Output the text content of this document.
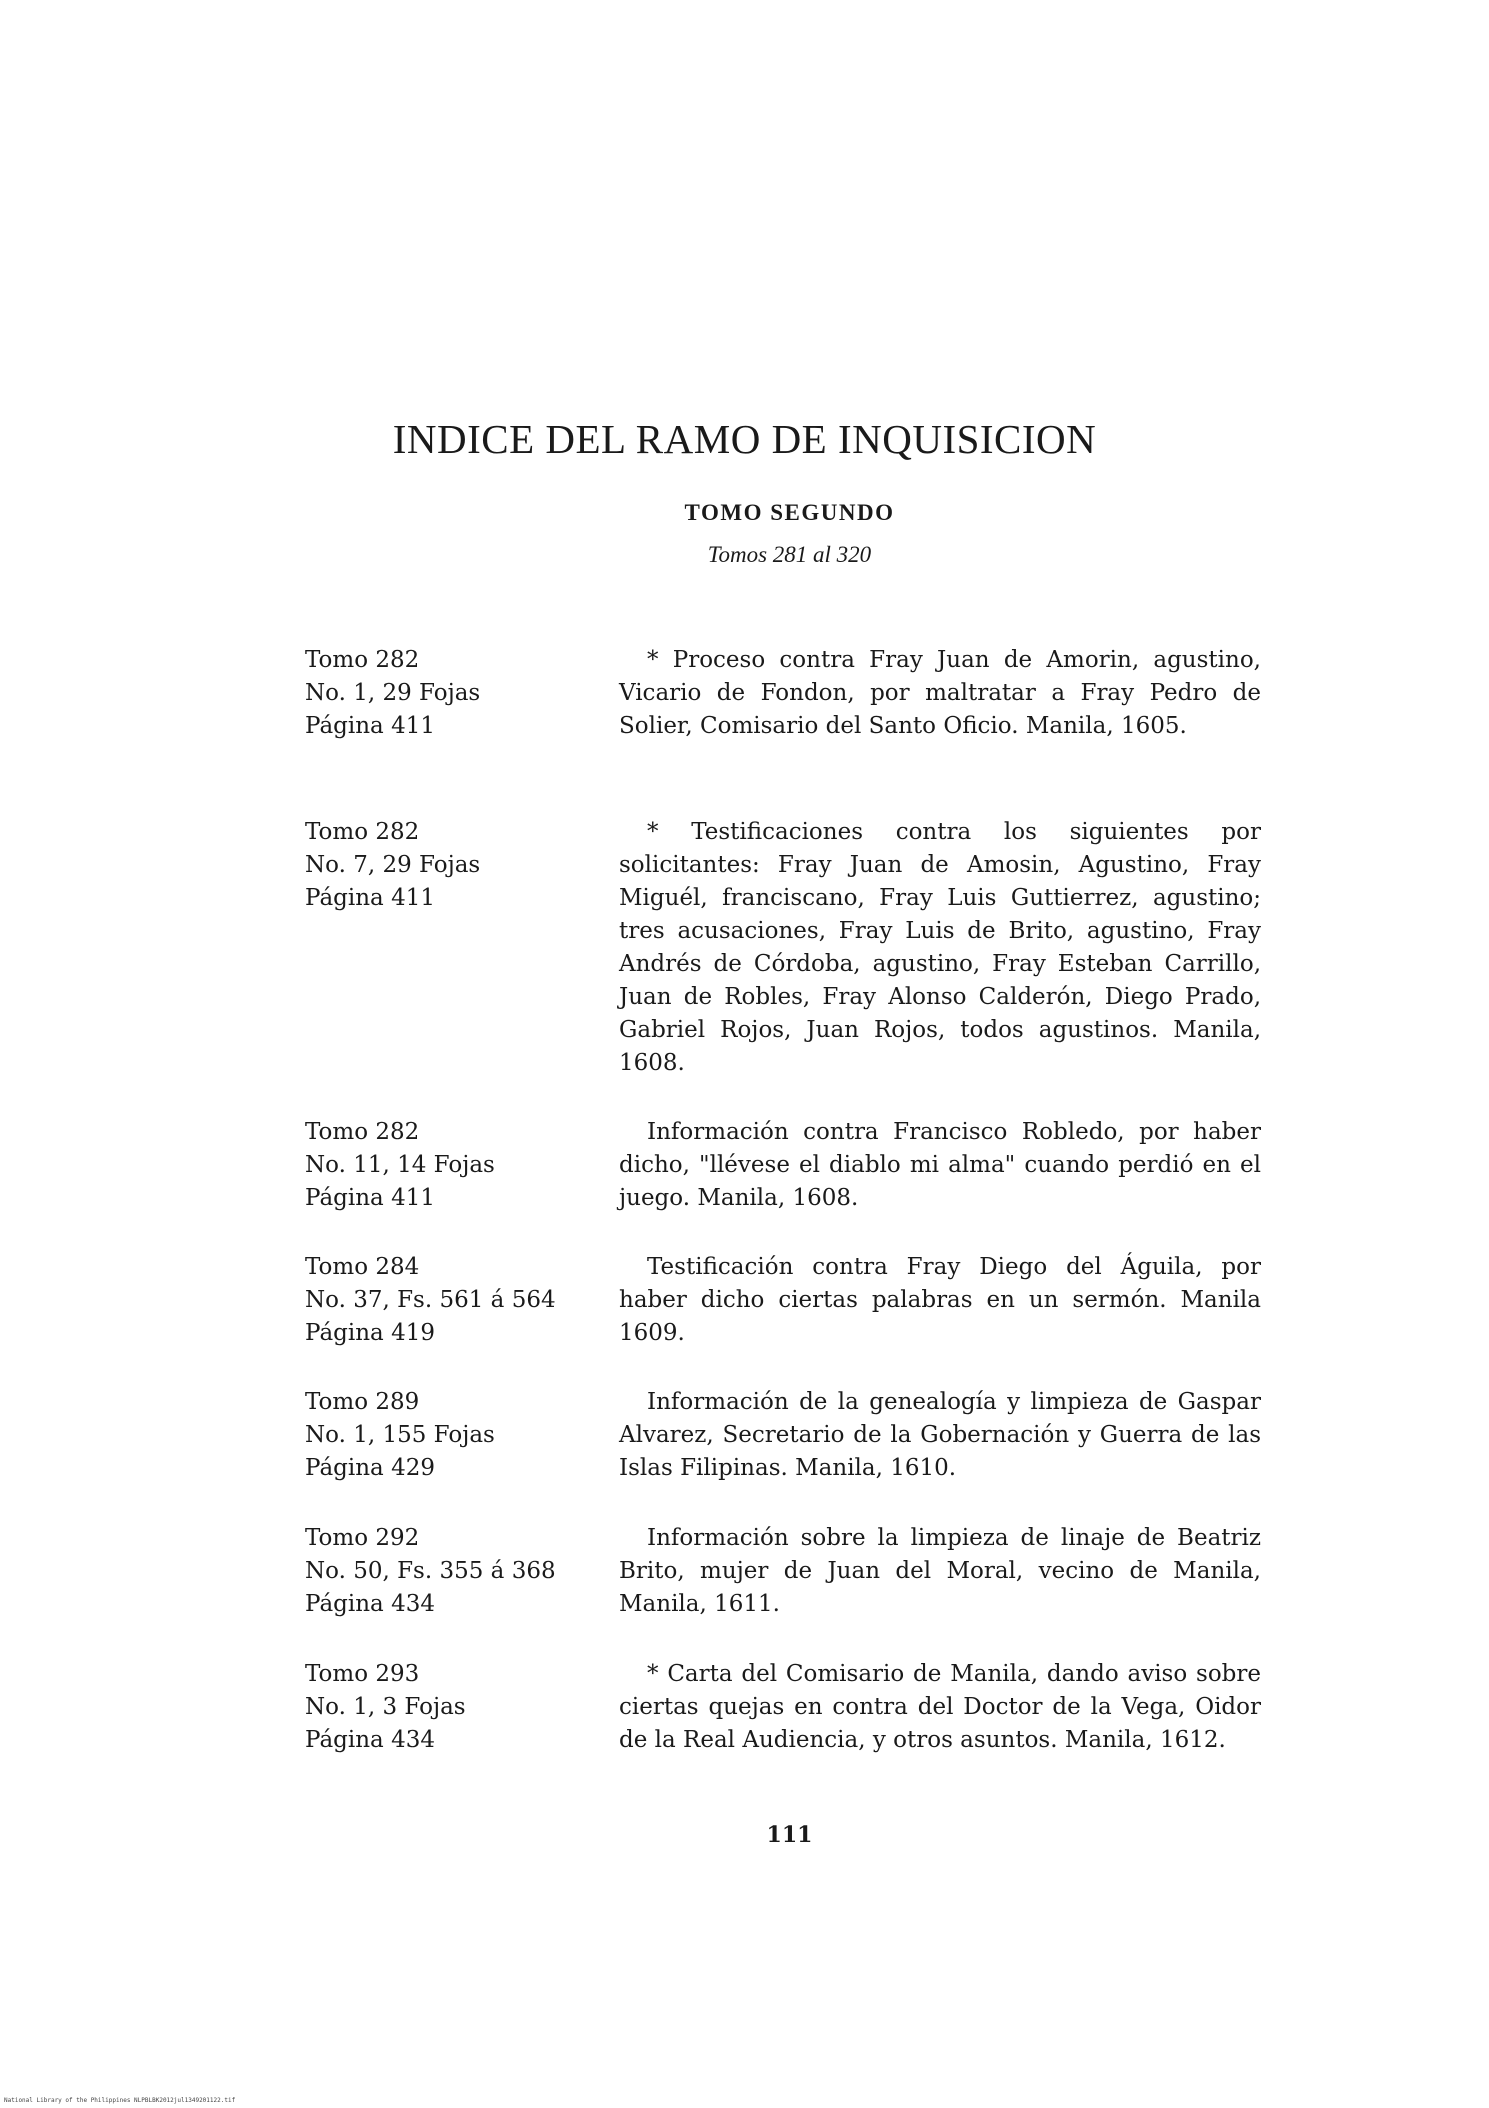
INDICE DEL RAMO DE INQUISICION
TOMO SEGUNDO
Tomos 281 al 320
Tomo 282
No. 1, 29 Fojas
Página 411
* Proceso contra Fray Juan de Amorin, agustino, Vicario de Fondon, por maltratar a Fray Pedro de Solier, Comisario del Santo Oficio. Manila, 1605.
Tomo 282
No. 7, 29 Fojas
Página 411
* Testificaciones contra los siguientes por solicitantes: Fray Juan de Amosin, Agustino, Fray Miguél, franciscano, Fray Luis Guttierrez, agustino; tres acusaciones, Fray Luis de Brito, agustino, Fray Andrés de Córdoba, agustino, Fray Esteban Carrillo, Juan de Robles, Fray Alonso Calderón, Diego Prado, Gabriel Rojos, Juan Rojos, todos agustinos. Manila, 1608.
Tomo 282
No. 11, 14 Fojas
Página 411
Información contra Francisco Robledo, por haber dicho, "llévese el diablo mi alma" cuando perdió en el juego. Manila, 1608.
Tomo 284
No. 37, Fs. 561 á 564
Página 419
Testificación contra Fray Diego del Águila, por haber dicho ciertas palabras en un sermón. Manila 1609.
Tomo 289
No. 1, 155 Fojas
Página 429
Información de la genealogía y limpieza de Gaspar Alvarez, Secretario de la Gobernación y Guerra de las Islas Filipinas. Manila, 1610.
Tomo 292
No. 50, Fs. 355 á 368
Página 434
Información sobre la limpieza de linaje de Beatriz Brito, mujer de Juan del Moral, vecino de Manila, Manila, 1611.
Tomo 293
No. 1, 3 Fojas
Página 434
* Carta del Comisario de Manila, dando aviso sobre ciertas quejas en contra del Doctor de la Vega, Oidor de la Real Audiencia, y otros asuntos. Manila, 1612.
111
National Library of the Philippines NLPBLBK2012jul1349201122.tif
